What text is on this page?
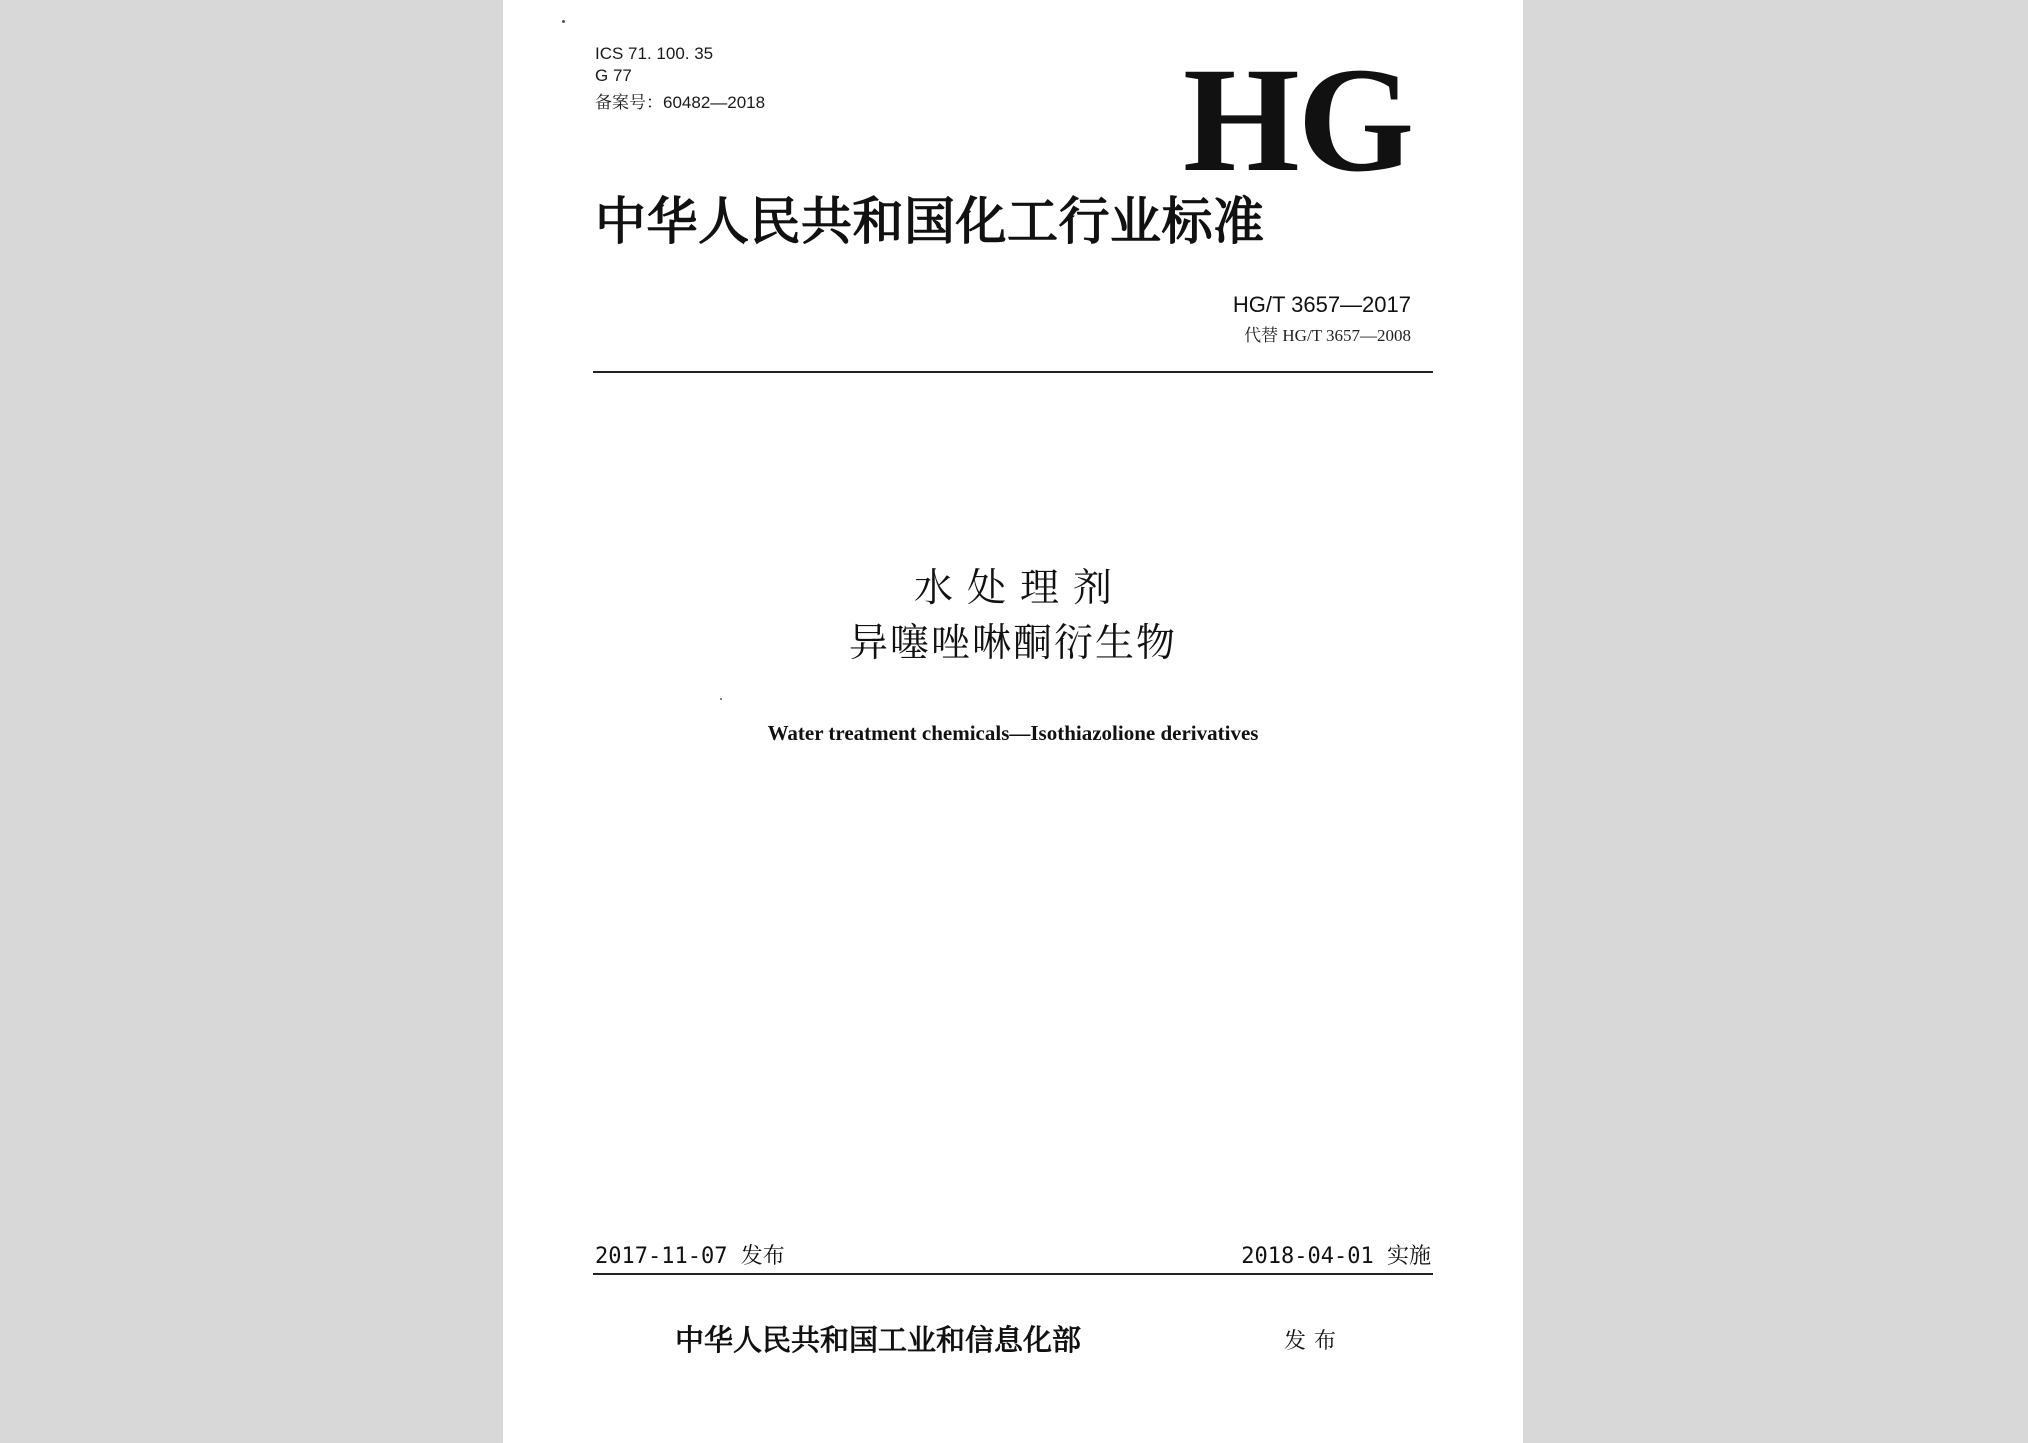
ICS 71. 100. 35
G 77
备案号：60482—2018	HG
中华人民共和国化工行业标准
HG/T 3657—2017
代替 HG/T 3657—2008
水处理剂
异噻唑啉酮衍生物
Water treatment chemicals—Isothiazolione derivatives
2017-11-07 发布	2018-04-01 实施
中华人民共和国工业和信息化部	发布
